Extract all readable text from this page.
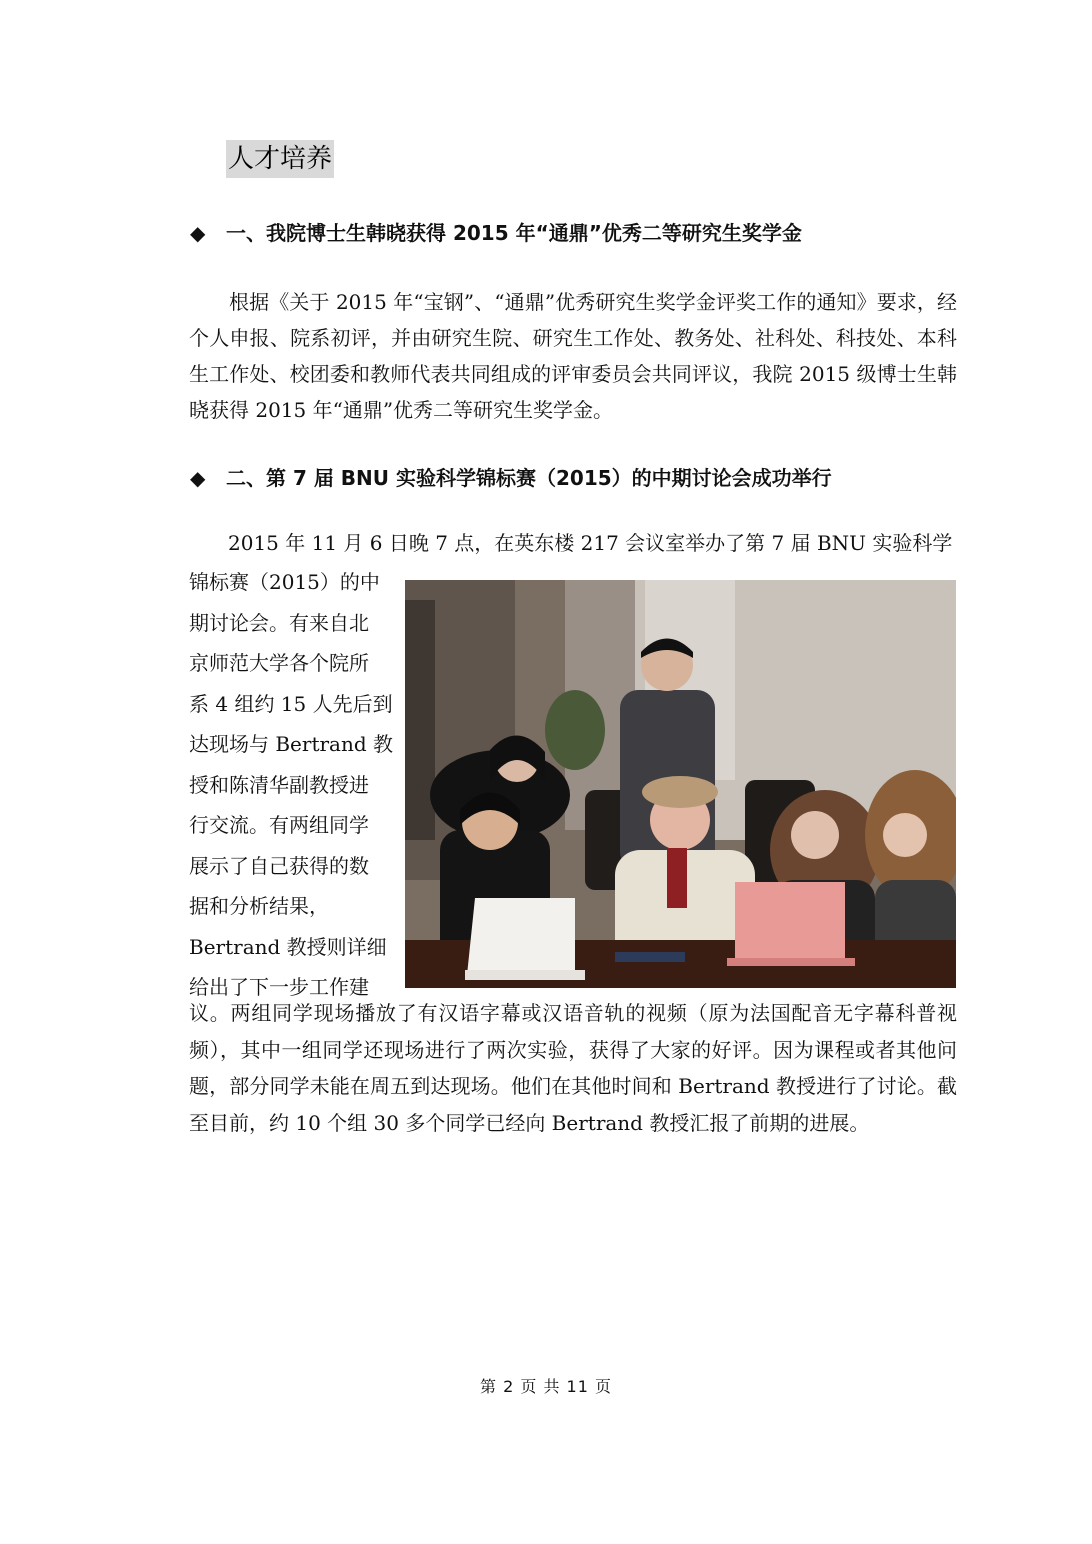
人才培养
◆ 一、我院博士生韩晓获得 2015 年“通鼎”优秀二等研究生奖学金
根据《关于 2015 年“宝钢”、“通鼎”优秀研究生奖学金评奖工作的通知》要求，经个人申报、院系初评，并由研究生院、研究生工作处、教务处、社科处、科技处、本科生工作处、校团委和教师代表共同组成的评审委员会共同评议，我院 2015 级博士生韩晓获得 2015 年“通鼎”优秀二等研究生奖学金。
◆ 二、第 7 届 BNU 实验科学锦标赛（2015）的中期讨论会成功举行
2015 年 11 月 6 日晚 7 点，在英东楼 217 会议室举办了第 7 届 BNU 实验科学
锦标赛（2015）的中
期讨论会。有来自北
京师范大学各个院所
系 4 组约 15 人先后到
达现场与 Bertrand 教
授和陈清华副教授进
行交流。有两组同学
展示了自己获得的数
据和分析结果，
Bertrand 教授则详细
给出了下一步工作建
议。两组同学现场播放了有汉语字幕或汉语音轨的视频（原为法国配音无字幕科普视频），其中一组同学还现场进行了两次实验，获得了大家的好评。因为课程或者其他问题，部分同学未能在周五到达现场。他们在其他时间和 Bertrand 教授进行了讨论。截至目前，约 10 个组 30 多个同学已经向 Bertrand 教授汇报了前期的进展。
第 2 页 共 11 页
